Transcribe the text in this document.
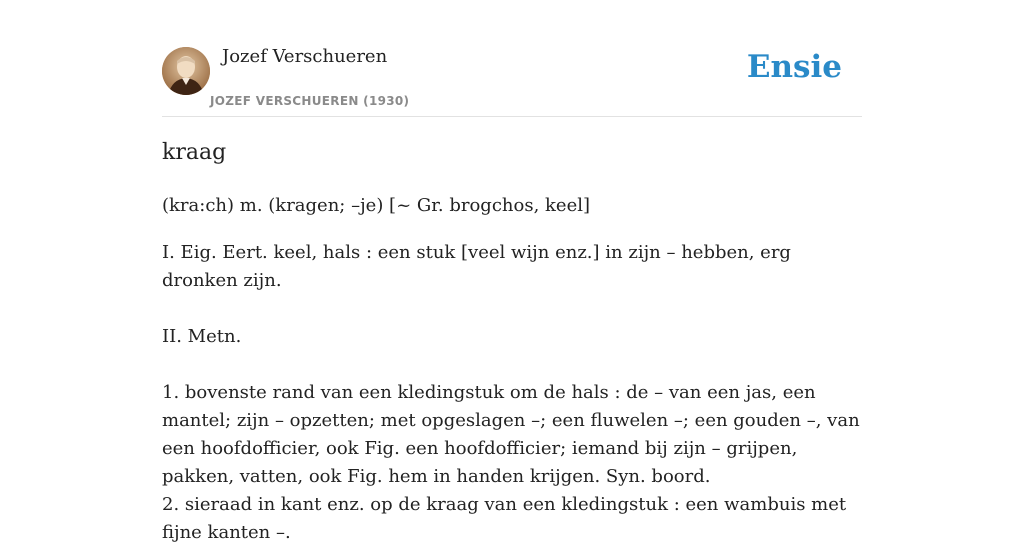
Jozef Verschueren
JOZEF VERSCHUEREN (1930)
Ensie
kraag
(kra:ch) m. (kragen; –je) [~ Gr. brogchos, keel]

I. Eig. Eert. keel, hals : een stuk [veel wijn enz.] in zijn – hebben, erg dronken zijn.

II. Metn.

1. bovenste rand van een kledingstuk om de hals : de – van een jas, een mantel; zijn – opzetten; met opgeslagen –; een fluwelen –; een gouden –, van een hoofdofficier, ook Fig. een hoofdofficier; iemand bij zijn – grijpen, pakken, vatten, ook Fig. hem in handen krijgen. Syn. boord.

2. sieraad in kant enz. op de kraag van een kledingstuk : een wambuis met fijne kanten –.
